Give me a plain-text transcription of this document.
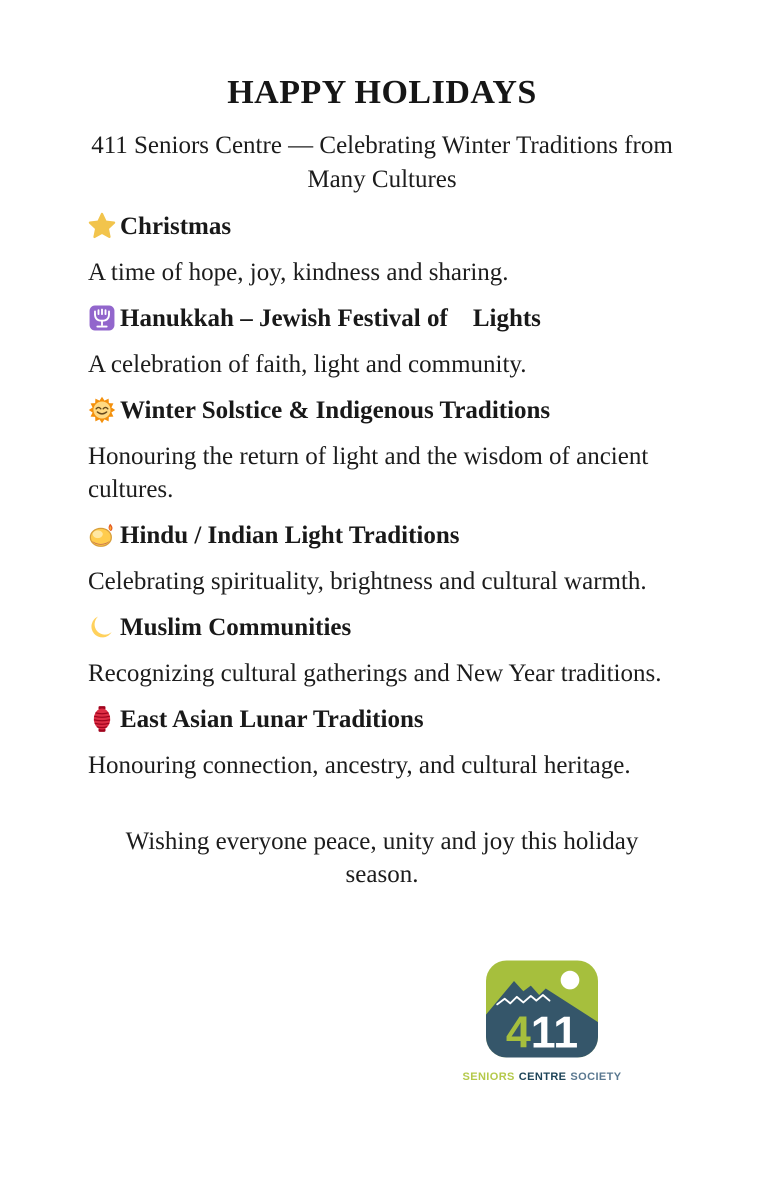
HAPPY HOLIDAYS
411 Seniors Centre — Celebrating Winter Traditions from Many Cultures
Christmas

A time of hope, joy, kindness and sharing.

Hanukkah – Jewish Festival of    Lights

A celebration of faith, light and community.

Winter Solstice & Indigenous Traditions

Honouring the return of light and the wisdom of ancient cultures.

Hindu / Indian Light Traditions

Celebrating spirituality, brightness and cultural warmth.

Muslim Communities

Recognizing cultural gatherings and New Year traditions.

East Asian Lunar Traditions

Honouring connection, ancestry, and cultural heritage.

Wishing everyone peace, unity and joy this holiday season.

411
SENIORS CENTRE SOCIETY
